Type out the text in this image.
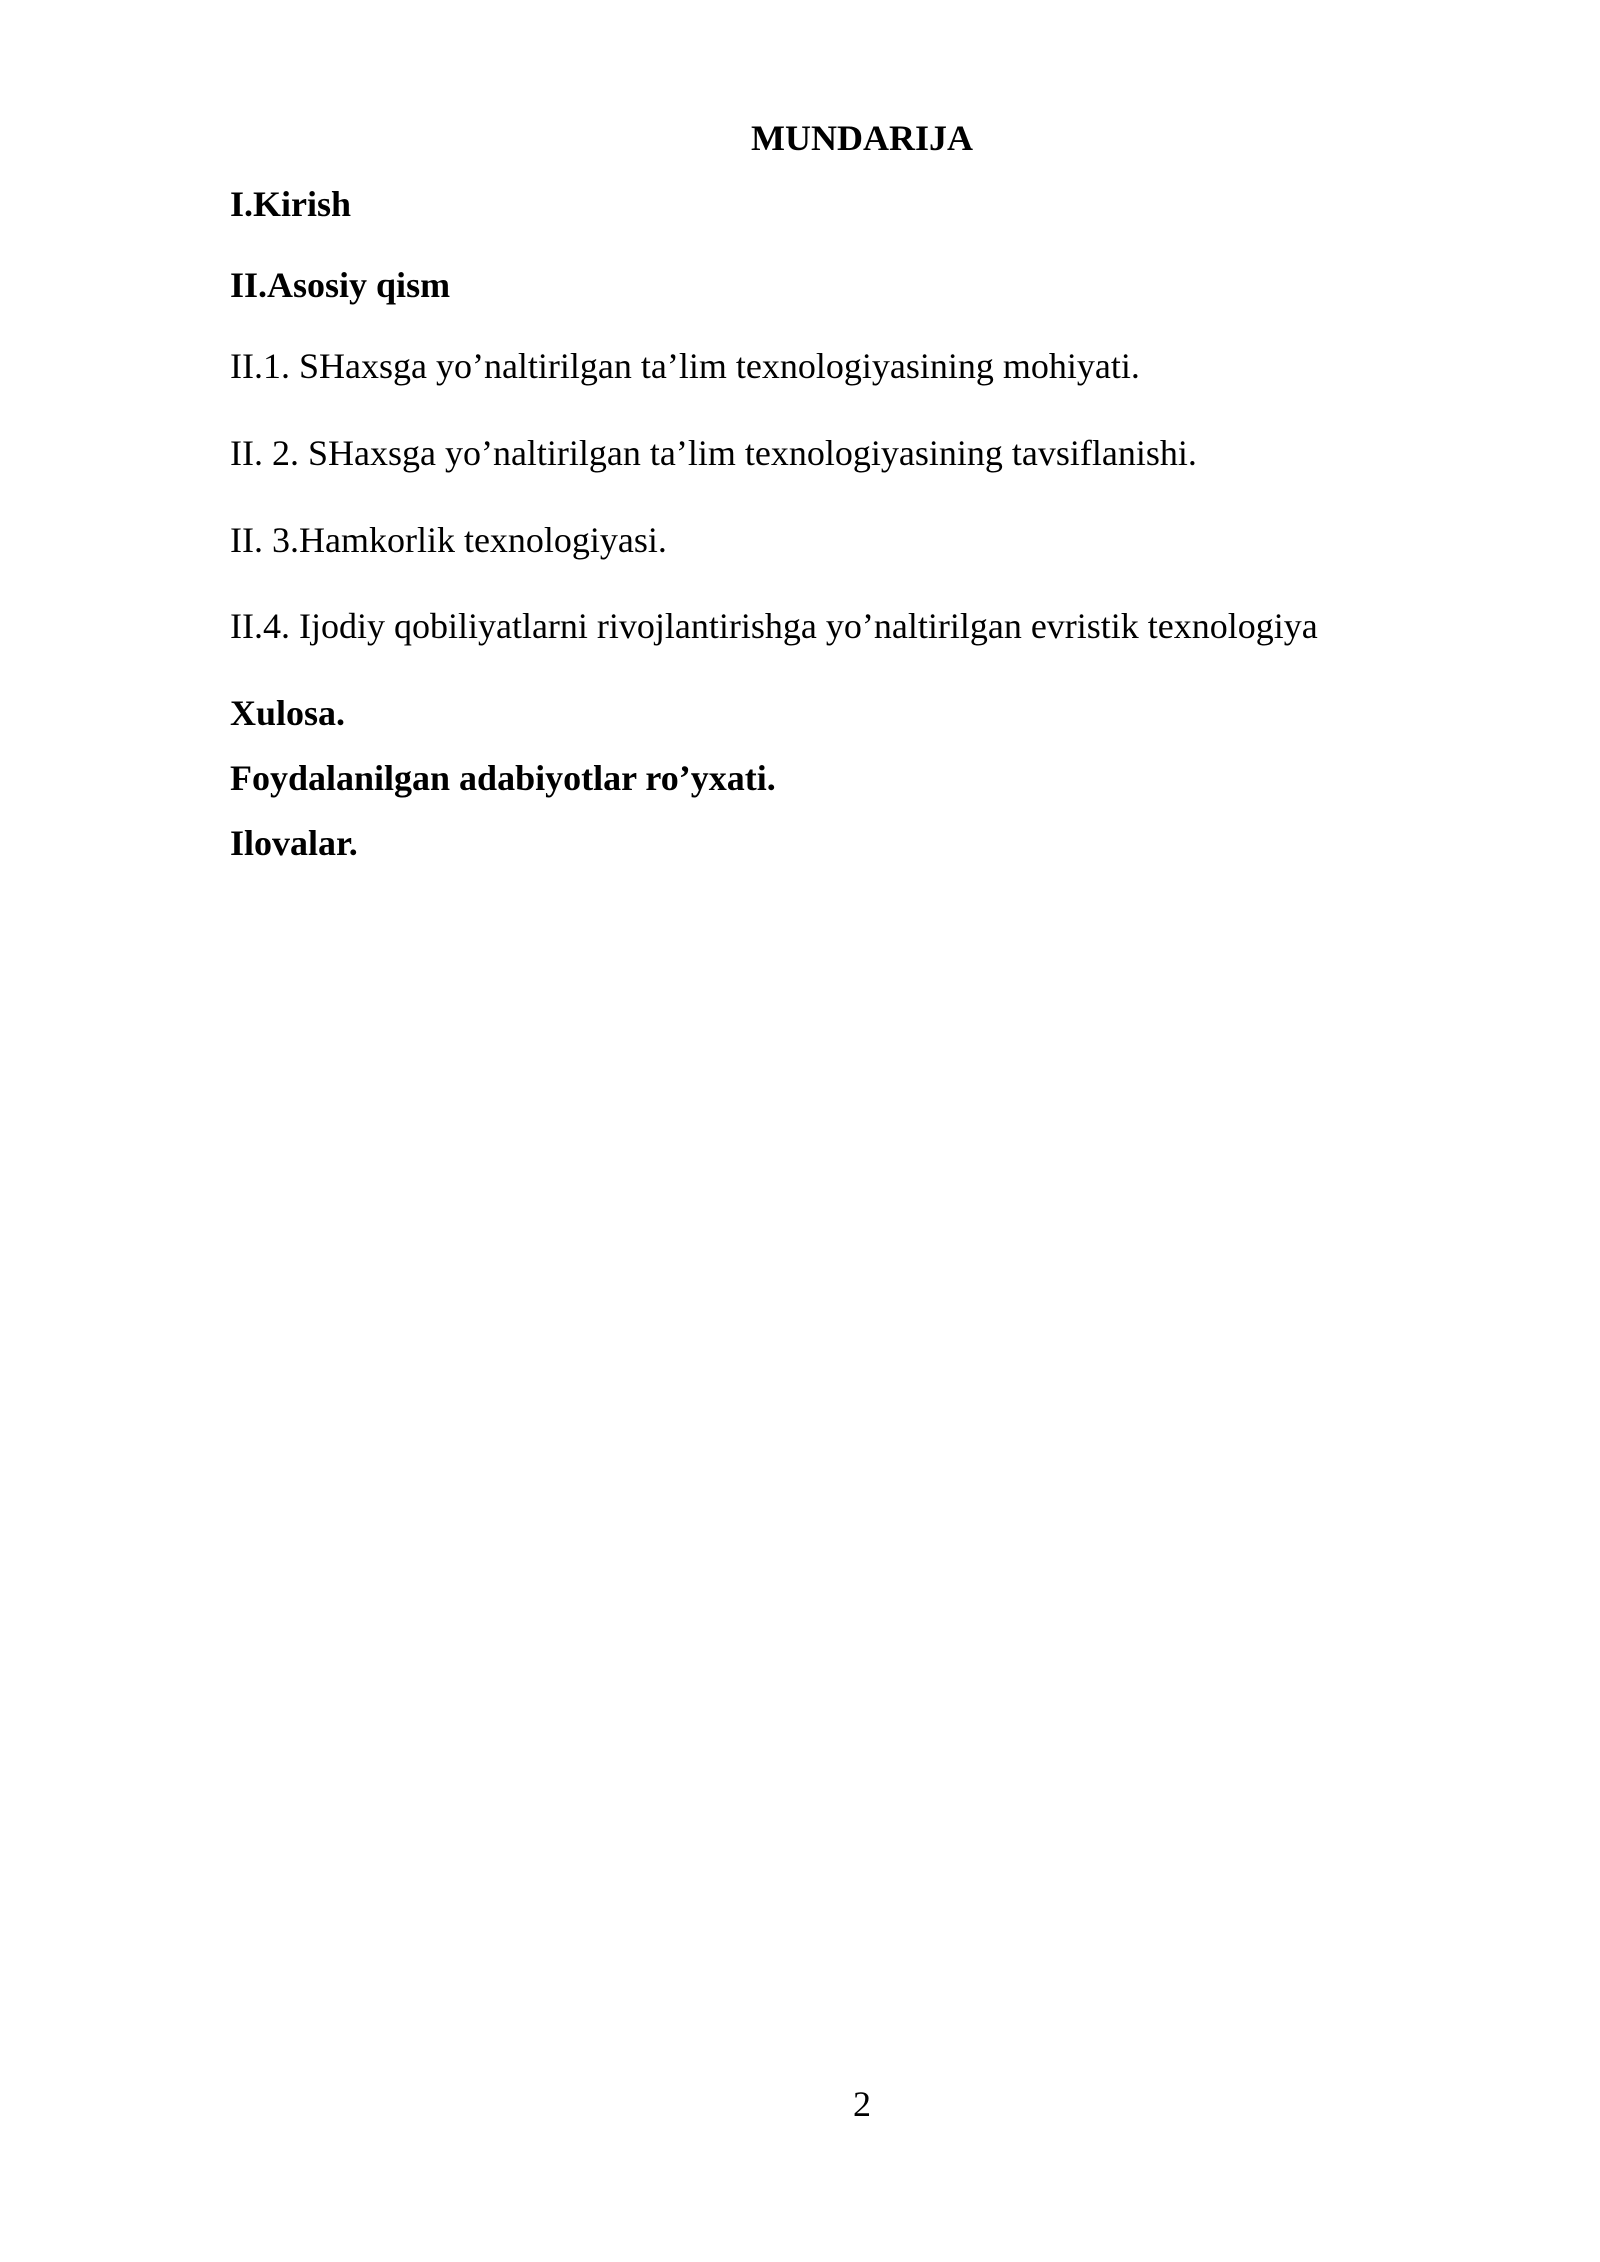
MUNDARIJA
I.Kirish
II.Asosiy qism
II.1. SHaxsga yo’naltirilgan ta’lim texnologiyasining mohiyati.
II. 2. SHaxsga yo’naltirilgan ta’lim texnologiyasining tavsiflanishi.
II. 3.Hamkorlik texnologiyasi.
II.4. Ijodiy qobiliyatlarni rivojlantirishga yo’naltirilgan evristik texnologiya
Xulosa.
Foydalanilgan adabiyotlar ro’yxati.
Ilovalar.
2
